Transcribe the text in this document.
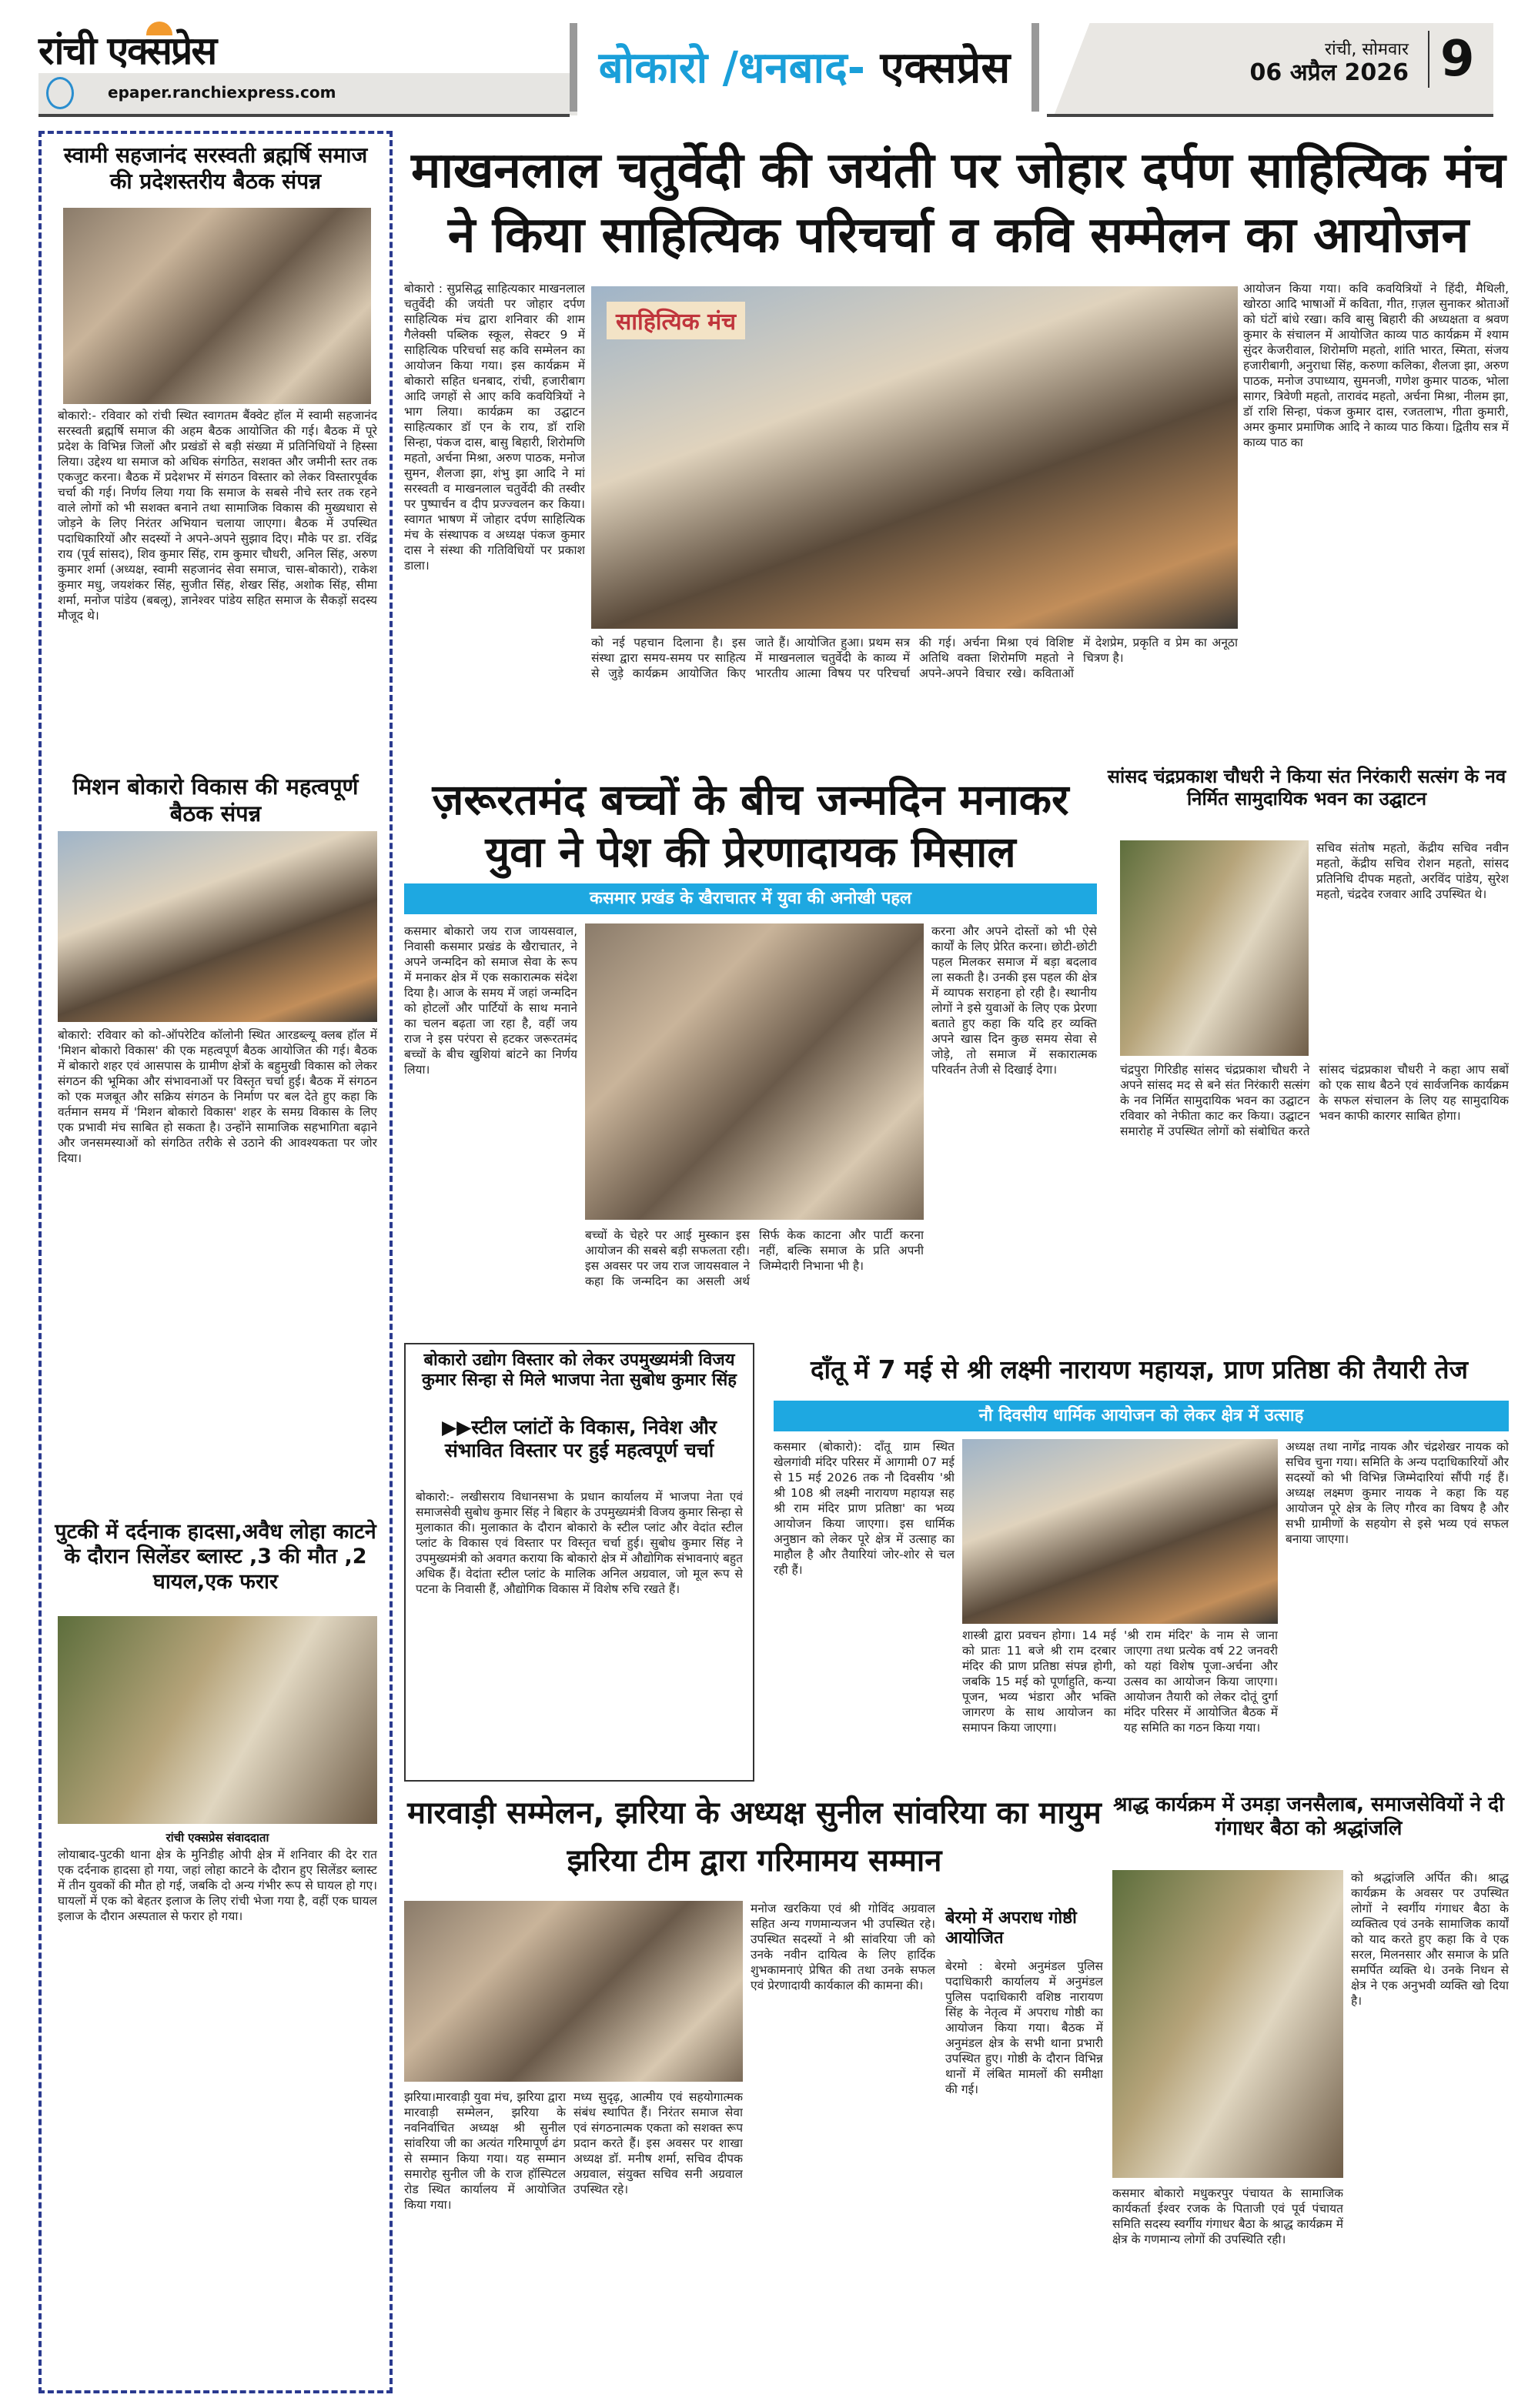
रांची एक्सप्रेस
epaper.ranchiexpress.com	बोकारो /धनबाद- एक्सप्रेस	रांची, सोमवार
06 अप्रैल 2026 9
स्वामी सहजानंद सरस्वती ब्रह्मर्षि समाज की प्रदेशस्तरीय बैठक संपन्न
बोकारो:- रविवार को रांची स्थित स्वागतम बैंक्वेट हॉल में स्वामी सहजानंद सरस्वती ब्रह्मर्षि समाज की अहम बैठक आयोजित की गई। बैठक में पूरे प्रदेश के विभिन्न जिलों और प्रखंडों से बड़ी संख्या में प्रतिनिधियों ने हिस्सा लिया। उद्देश्य था समाज को अधिक संगठित, सशक्त और जमीनी स्तर तक एकजुट करना। बैठक में प्रदेशभर में संगठन विस्तार को लेकर विस्तारपूर्वक चर्चा की गई। निर्णय लिया गया कि समाज के सबसे नीचे स्तर तक रहने वाले लोगों को भी सशक्त बनाने तथा सामाजिक विकास की मुख्यधारा से जोड़ने के लिए निरंतर अभियान चलाया जाएगा। बैठक में उपस्थित पदाधिकारियों और सदस्यों ने अपने-अपने सुझाव दिए। मौके पर डा. रविंद्र राय (पूर्व सांसद), शिव कुमार सिंह, राम कुमार चौधरी, अनिल सिंह, अरुण कुमार शर्मा (अध्यक्ष, स्वामी सहजानंद सेवा समाज, चास-बोकारो), राकेश कुमार मधु, जयशंकर सिंह, सुजीत सिंह, शेखर सिंह, अशोक सिंह, सीमा शर्मा, मनोज पांडेय (बबलू), ज्ञानेश्वर पांडेय सहित समाज के सैकड़ों सदस्य मौजूद थे।
मिशन बोकारो विकास की महत्वपूर्ण बैठक संपन्न
बोकारो: रविवार को को-ऑपरेटिव कॉलोनी स्थित आरडब्ल्यू क्लब हॉल में 'मिशन बोकारो विकास' की एक महत्वपूर्ण बैठक आयोजित की गई। बैठक में बोकारो शहर एवं आसपास के ग्रामीण क्षेत्रों के बहुमुखी विकास को लेकर संगठन की भूमिका और संभावनाओं पर विस्तृत चर्चा हुई। बैठक में संगठन को एक मजबूत और सक्रिय संगठन के निर्माण पर बल देते हुए कहा कि वर्तमान समय में 'मिशन बोकारो विकास' शहर के समग्र विकास के लिए एक प्रभावी मंच साबित हो सकता है। उन्होंने सामाजिक सहभागिता बढ़ाने और जनसमस्याओं को संगठित तरीके से उठाने की आवश्यकता पर जोर दिया।
पुटकी में दर्दनाक हादसा,अवैध लोहा काटने के दौरान सिलेंडर ब्लास्ट ,3 की मौत ,2 घायल,एक फरार
रांची एक्सप्रेस संवाददाता
लोयाबाद-पुटकी थाना क्षेत्र के मुनिडीह ओपी क्षेत्र में शनिवार की देर रात एक दर्दनाक हादसा हो गया, जहां लोहा काटने के दौरान हुए सिलेंडर ब्लास्ट में तीन युवकों की मौत हो गई, जबकि दो अन्य गंभीर रूप से घायल हो गए। घायलों में एक को बेहतर इलाज के लिए रांची भेजा गया है, वहीं एक घायल इलाज के दौरान अस्पताल से फरार हो गया।
माखनलाल चतुर्वेदी की जयंती पर जोहार दर्पण साहित्यिक मंच ने किया साहित्यिक परिचर्चा व कवि सम्मेलन का आयोजन
बोकारो : सुप्रसिद्ध साहित्यकार माखनलाल चतुर्वेदी की जयंती पर जोहार दर्पण साहित्यिक मंच द्वारा शनिवार की शाम गैलेक्सी पब्लिक स्कूल, सेक्टर 9 में साहित्यिक परिचर्चा सह कवि सम्मेलन का आयोजन किया गया। इस कार्यक्रम में बोकारो सहित धनबाद, रांची, हजारीबाग आदि जगहों से आए कवि कवयित्रियों ने भाग लिया। कार्यक्रम का उद्घाटन साहित्यकार डॉ एन के राय, डॉ राशि सिन्हा, पंकज दास, बासु बिहारी, शिरोमणि महतो, अर्चना मिश्रा, अरुण पाठक, मनोज सुमन, शैलजा झा, शंभु झा आदि ने मां सरस्वती व माखनलाल चतुर्वेदी की तस्वीर पर पुष्पार्चन व दीप प्रज्ज्वलन कर किया। स्वागत भाषण में जोहार दर्पण साहित्यिक मंच के संस्थापक व अध्यक्ष पंकज कुमार दास ने संस्था की गतिविधियों पर प्रकाश डाला।
साहित्यिक मंच
को नई पहचान दिलाना है। इस संस्था द्वारा समय-समय पर साहित्य से जुड़े कार्यक्रम आयोजित किए जाते हैं। आयोजित हुआ। प्रथम सत्र में माखनलाल चतुर्वेदी के काव्य में भारतीय आत्मा विषय पर परिचर्चा की गई। अर्चना मिश्रा एवं विशिष्ट अतिथि वक्ता शिरोमणि महतो ने अपने-अपने विचार रखे। कविताओं में देशप्रेम, प्रकृति व प्रेम का अनूठा चित्रण है।
आयोजन किया गया। कवि कवयित्रियों ने हिंदी, मैथिली, खोरठा आदि भाषाओं में कविता, गीत, ग़ज़ल सुनाकर श्रोताओं को घंटों बांधे रखा। कवि बासु बिहारी की अध्यक्षता व श्रवण कुमार के संचालन में आयोजित काव्य पाठ कार्यक्रम में श्याम सुंदर केजरीवाल, शिरोमणि महतो, शांति भारत, स्मिता, संजय हजारीबागी, अनुराधा सिंह, करुणा कलिका, शैलजा झा, अरुण पाठक, मनोज उपाध्याय, सुमनजी, गणेश कुमार पाठक, भोला सागर, त्रिवेणी महतो, तारावंद महतो, अर्चना मिश्रा, नीलम झा, डॉ राशि सिन्हा, पंकज कुमार दास, रजतलाभ, गीता कुमारी, अमर कुमार प्रमाणिक आदि ने काव्य पाठ किया। द्वितीय सत्र में काव्य पाठ का
ज़रूरतमंद बच्चों के बीच जन्मदिन मनाकर युवा ने पेश की प्रेरणादायक मिसाल
कसमार प्रखंड के खैराचातर में युवा की अनोखी पहल
कसमार बोकारो जय राज जायसवाल, निवासी कसमार प्रखंड के खैराचातर, ने अपने जन्मदिन को समाज सेवा के रूप में मनाकर क्षेत्र में एक सकारात्मक संदेश दिया है। आज के समय में जहां जन्मदिन को होटलों और पार्टियों के साथ मनाने का चलन बढ़ता जा रहा है, वहीं जय राज ने इस परंपरा से हटकर जरूरतमंद बच्चों के बीच खुशियां बांटने का निर्णय लिया।
बच्चों के चेहरे पर आई मुस्कान इस आयोजन की सबसे बड़ी सफलता रही। इस अवसर पर जय राज जायसवाल ने कहा कि जन्मदिन का असली अर्थ सिर्फ केक काटना और पार्टी करना नहीं, बल्कि समाज के प्रति अपनी जिम्मेदारी निभाना भी है।
करना और अपने दोस्तों को भी ऐसे कार्यों के लिए प्रेरित करना। छोटी-छोटी पहल मिलकर समाज में बड़ा बदलाव ला सकती है। उनकी इस पहल की क्षेत्र में व्यापक सराहना हो रही है। स्थानीय लोगों ने इसे युवाओं के लिए एक प्रेरणा बताते हुए कहा कि यदि हर व्यक्ति अपने खास दिन कुछ समय सेवा से जोड़े, तो समाज में सकारात्मक परिवर्तन तेजी से दिखाई देगा।
सांसद चंद्रप्रकाश चौधरी ने किया संत निरंकारी सत्संग के नव निर्मित सामुदायिक भवन का उद्घाटन
सचिव संतोष महतो, केंद्रीय सचिव नवीन महतो, केंद्रीय सचिव रोशन महतो, सांसद प्रतिनिधि दीपक महतो, अरविंद पांडेय, सुरेश महतो, चंद्रदेव रजवार आदि उपस्थित थे।
चंद्रपुरा गिरिडीह सांसद चंद्रप्रकाश चौधरी ने अपने सांसद मद से बने संत निरंकारी सत्संग के नव निर्मित सामुदायिक भवन का उद्घाटन रविवार को नेफीता काट कर किया। उद्घाटन समारोह में उपस्थित लोगों को संबोधित करते सांसद चंद्रप्रकाश चौधरी ने कहा आप सबों को एक साथ बैठने एवं सार्वजनिक कार्यक्रम के सफल संचालन के लिए यह सामुदायिक भवन काफी कारगर साबित होगा।
बोकारो उद्योग विस्तार को लेकर उपमुख्यमंत्री विजय कुमार सिन्हा से मिले भाजपा नेता सुबोध कुमार सिंह
▶▶स्टील प्लांटों के विकास, निवेश और संभावित विस्तार पर हुई महत्वपूर्ण चर्चा
बोकारो:- लखीसराय विधानसभा के प्रधान कार्यालय में भाजपा नेता एवं समाजसेवी सुबोध कुमार सिंह ने बिहार के उपमुख्यमंत्री विजय कुमार सिन्हा से मुलाकात की। मुलाकात के दौरान बोकारो के स्टील प्लांट और वेदांत स्टील प्लांट के विकास एवं विस्तार पर विस्तृत चर्चा हुई। सुबोध कुमार सिंह ने उपमुख्यमंत्री को अवगत कराया कि बोकारो क्षेत्र में औद्योगिक संभावनाएं बहुत अधिक हैं। वेदांता स्टील प्लांट के मालिक अनिल अग्रवाल, जो मूल रूप से पटना के निवासी हैं, औद्योगिक विकास में विशेष रुचि रखते हैं।
दाँतू में 7 मई से श्री लक्ष्मी नारायण महायज्ञ, प्राण प्रतिष्ठा की तैयारी तेज
नौ दिवसीय धार्मिक आयोजन को लेकर क्षेत्र में उत्साह
कसमार (बोकारो): दाँतू ग्राम स्थित खेलगांवी मंदिर परिसर में आगामी 07 मई से 15 मई 2026 तक नौ दिवसीय 'श्री श्री 108 श्री लक्ष्मी नारायण महायज्ञ सह श्री राम मंदिर प्राण प्रतिष्ठा' का भव्य आयोजन किया जाएगा। इस धार्मिक अनुष्ठान को लेकर पूरे क्षेत्र में उत्साह का माहौल है और तैयारियां जोर-शोर से चल रही हैं।
शास्त्री द्वारा प्रवचन होगा। 14 मई को प्रातः 11 बजे श्री राम दरबार मंदिर की प्राण प्रतिष्ठा संपन्न होगी, जबकि 15 मई को पूर्णाहुति, कन्या पूजन, भव्य भंडारा और भक्ति जागरण के साथ आयोजन का समापन किया जाएगा।
'श्री राम मंदिर' के नाम से जाना जाएगा तथा प्रत्येक वर्ष 22 जनवरी को यहां विशेष पूजा-अर्चना और उत्सव का आयोजन किया जाएगा। आयोजन तैयारी को लेकर दोतूं दुर्गा मंदिर परिसर में आयोजित बैठक में यह समिति का गठन किया गया।
अध्यक्ष तथा नागेंद्र नायक और चंद्रशेखर नायक को सचिव चुना गया। समिति के अन्य पदाधिकारियों और सदस्यों को भी विभिन्न जिम्मेदारियां सौंपी गई हैं। अध्यक्ष लक्ष्मण कुमार नायक ने कहा कि यह आयोजन पूरे क्षेत्र के लिए गौरव का विषय है और सभी ग्रामीणों के सहयोग से इसे भव्य एवं सफल बनाया जाएगा।
मारवाड़ी सम्मेलन, झरिया के अध्यक्ष सुनील सांवरिया का मायुम झरिया टीम द्वारा गरिमामय सम्मान
झरिया।मारवाड़ी युवा मंच, झरिया द्वारा मारवाड़ी सम्मेलन, झरिया के नवनिर्वाचित अध्यक्ष श्री सुनील सांवरिया जी का अत्यंत गरिमापूर्ण ढंग से सम्मान किया गया। यह सम्मान समारोह सुनील जी के राज हॉस्पिटल रोड स्थित कार्यालय में आयोजित किया गया।
मध्य सुदृढ़, आत्मीय एवं सहयोगात्मक संबंध स्थापित हैं। निरंतर समाज सेवा एवं संगठनात्मक एकता को सशक्त रूप प्रदान करते हैं। इस अवसर पर शाखा अध्यक्ष डॉ. मनीष शर्मा, सचिव दीपक अग्रवाल, संयुक्त सचिव सनी अग्रवाल उपस्थित रहे।
मनोज खरकिया एवं श्री गोविंद अग्रवाल सहित अन्य गणमान्यजन भी उपस्थित रहे। उपस्थित सदस्यों ने श्री सांवरिया जी को उनके नवीन दायित्व के लिए हार्दिक शुभकामनाएं प्रेषित की तथा उनके सफल एवं प्रेरणादायी कार्यकाल की कामना की।
बेरमो में अपराध गोष्ठी आयोजित
बेरमो : बेरमो अनुमंडल पुलिस पदाधिकारी कार्यालय में अनुमंडल पुलिस पदाधिकारी वशिष्ठ नारायण सिंह के नेतृत्व में अपराध गोष्ठी का आयोजन किया गया। बैठक में अनुमंडल क्षेत्र के सभी थाना प्रभारी उपस्थित हुए। गोष्ठी के दौरान विभिन्न थानों में लंबित मामलों की समीक्षा की गई।
श्राद्ध कार्यक्रम में उमड़ा जनसैलाब, समाजसेवियों ने दी गंगाधर बैठा को श्रद्धांजलि
को श्रद्धांजलि अर्पित की। श्राद्ध कार्यक्रम के अवसर पर उपस्थित लोगों ने स्वर्गीय गंगाधर बैठा के व्यक्तित्व एवं उनके सामाजिक कार्यों को याद करते हुए कहा कि वे एक सरल, मिलनसार और समाज के प्रति समर्पित व्यक्ति थे। उनके निधन से क्षेत्र ने एक अनुभवी व्यक्ति खो दिया है।
कसमार बोकारो मधुकरपुर पंचायत के सामाजिक कार्यकर्ता ईश्वर रजक के पिताजी एवं पूर्व पंचायत समिति सदस्य स्वर्गीय गंगाधर बैठा के श्राद्ध कार्यक्रम में क्षेत्र के गणमान्य लोगों की उपस्थिति रही।
